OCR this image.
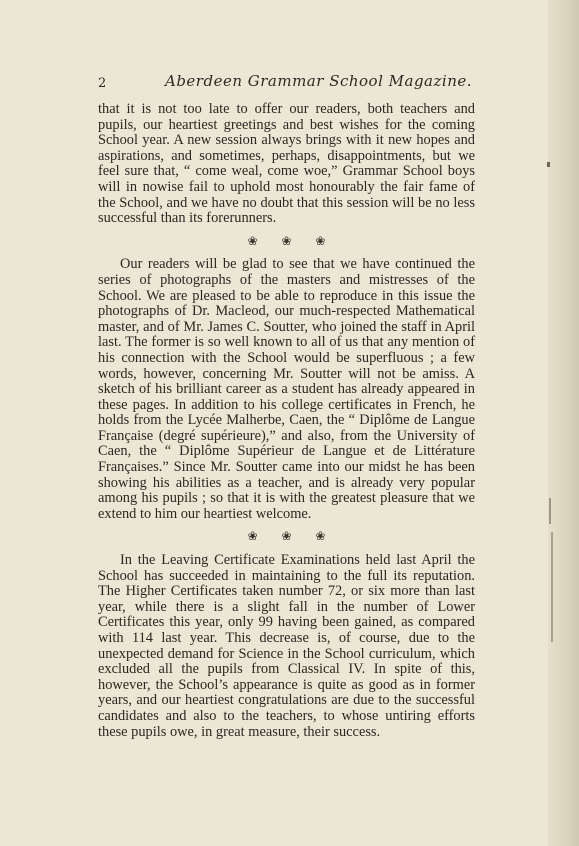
2	Aberdeen Grammar School Magazine.

that it is not too late to offer our readers, both teachers and pupils, our heartiest greetings and best wishes for the coming School year. A new session always brings with it new hopes and aspirations, and sometimes, perhaps, disappointments, but we feel sure that, “ come weal, come woe,” Grammar School boys will in nowise fail to uphold most honourably the fair fame of the School, and we have no doubt that this session will be no less successful than its forerunners.

❀ ❀ ❀

Our readers will be glad to see that we have continued the series of photographs of the masters and mistresses of the School. We are pleased to be able to reproduce in this issue the photographs of Dr. Macleod, our much-respected Mathematical master, and of Mr. James C. Soutter, who joined the staff in April last. The former is so well known to all of us that any mention of his connection with the School would be superfluous ; a few words, however, concerning Mr. Soutter will not be amiss. A sketch of his brilliant career as a student has already appeared in these pages. In addition to his college certificates in French, he holds from the Lycée Malherbe, Caen, the “ Diplôme de Langue Française (degré supérieure),” and also, from the University of Caen, the “ Diplôme Supérieur de Langue et de Littérature Françaises.” Since Mr. Soutter came into our midst he has been showing his abilities as a teacher, and is already very popular among his pupils ; so that it is with the greatest pleasure that we extend to him our heartiest welcome.

❀ ❀ ❀

In the Leaving Certificate Examinations held last April the School has succeeded in maintaining to the full its reputation. The Higher Certificates taken number 72, or six more than last year, while there is a slight fall in the number of Lower Certificates this year, only 99 having been gained, as compared with 114 last year. This decrease is, of course, due to the unexpected demand for Science in the School curriculum, which excluded all the pupils from Classical IV. In spite of this, however, the School’s appearance is quite as good as in former years, and our heartiest congratulations are due to the successful candidates and also to the teachers, to whose untiring efforts these pupils owe, in great measure, their success.
